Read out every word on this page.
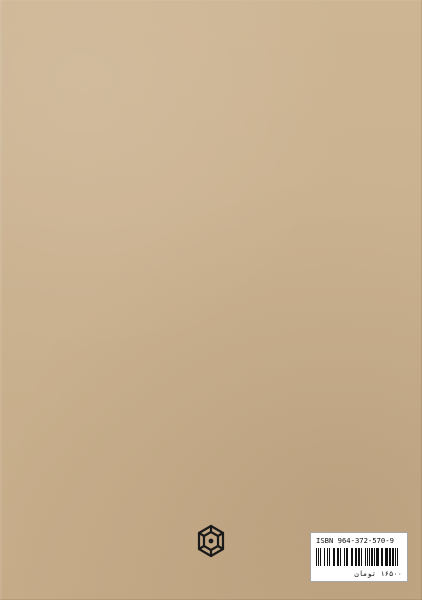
ISBN 964-372-570-9
۱۶۵۰۰ تومان
